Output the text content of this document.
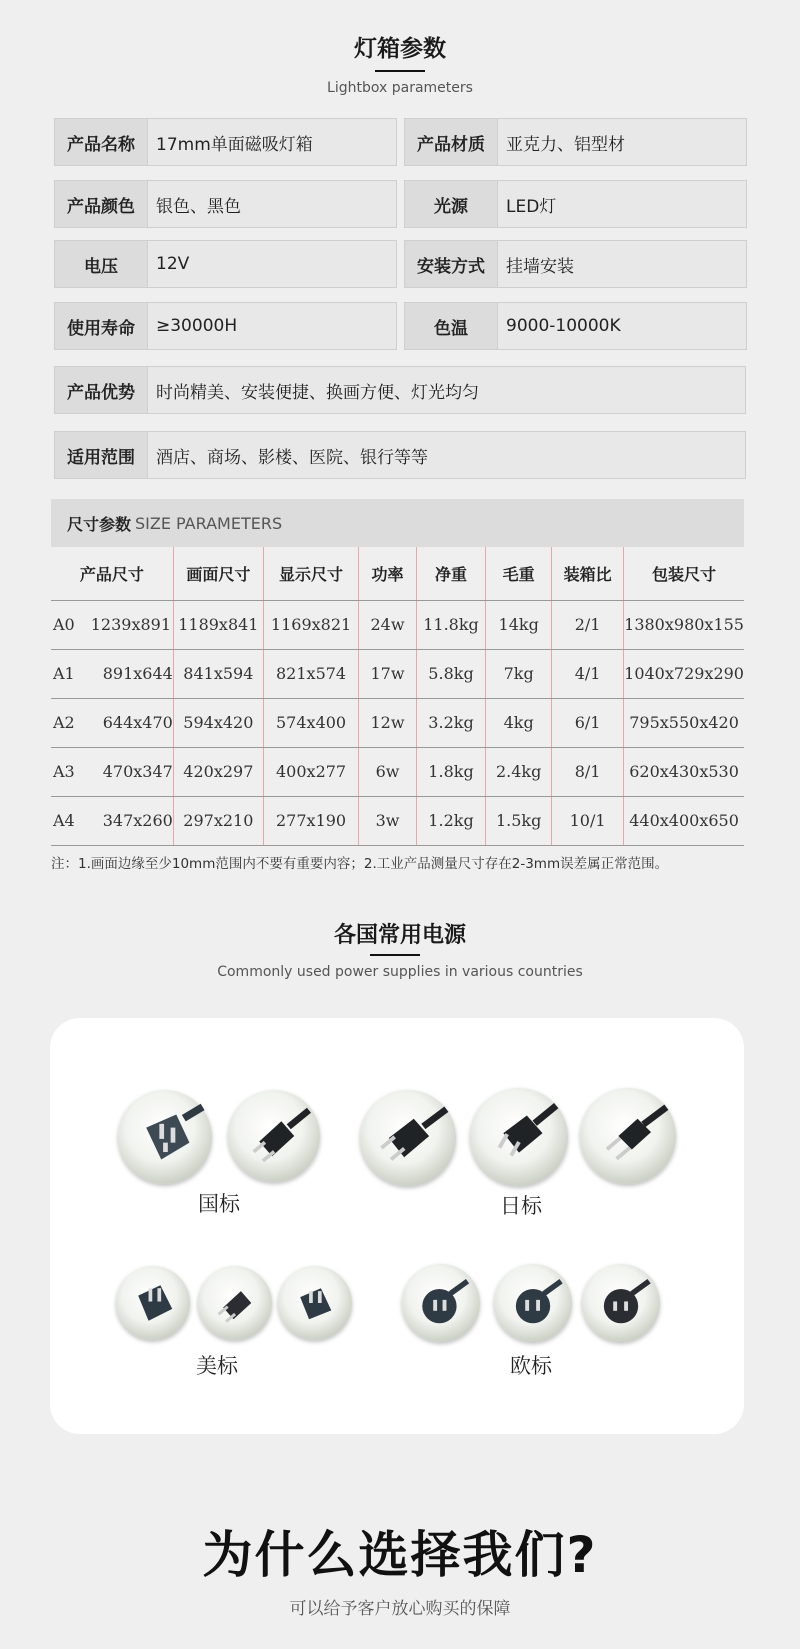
灯箱参数
Lightbox parameters
产品名称	17mm单面磁吸灯箱	产品材质	亚克力、铝型材
产品颜色	银色、黑色	光源	LED灯
电压	12V	安装方式	挂墙安装
使用寿命	≥30000H	色温	9000-10000K
产品优势	时尚精美、安装便捷、换画方便、灯光均匀
适用范围	酒店、商场、影楼、医院、银行等等
尺寸参数 SIZE PARAMETERS
产品尺寸	画面尺寸	显示尺寸	功率	净重	毛重	装箱比	包装尺寸
A0 1239x891	1189x841	1169x821	24w	11.8kg	14kg	2/1	1380x980x155
A1 891x644	841x594	821x574	17w	5.8kg	7kg	4/1	1040x729x290
A2 644x470	594x420	574x400	12w	3.2kg	4kg	6/1	795x550x420
A3 470x347	420x297	400x277	6w	1.8kg	2.4kg	8/1	620x430x530
A4 347x260	297x210	277x190	3w	1.2kg	1.5kg	10/1	440x400x650
注：1.画面边缘至少10mm范围内不要有重要内容；2.工业产品测量尺寸存在2-3mm误差属正常范围。
各国常用电源
Commonly used power supplies in various countries
国标	日标
美标	欧标
为什么选择我们?
可以给予客户放心购买的保障
